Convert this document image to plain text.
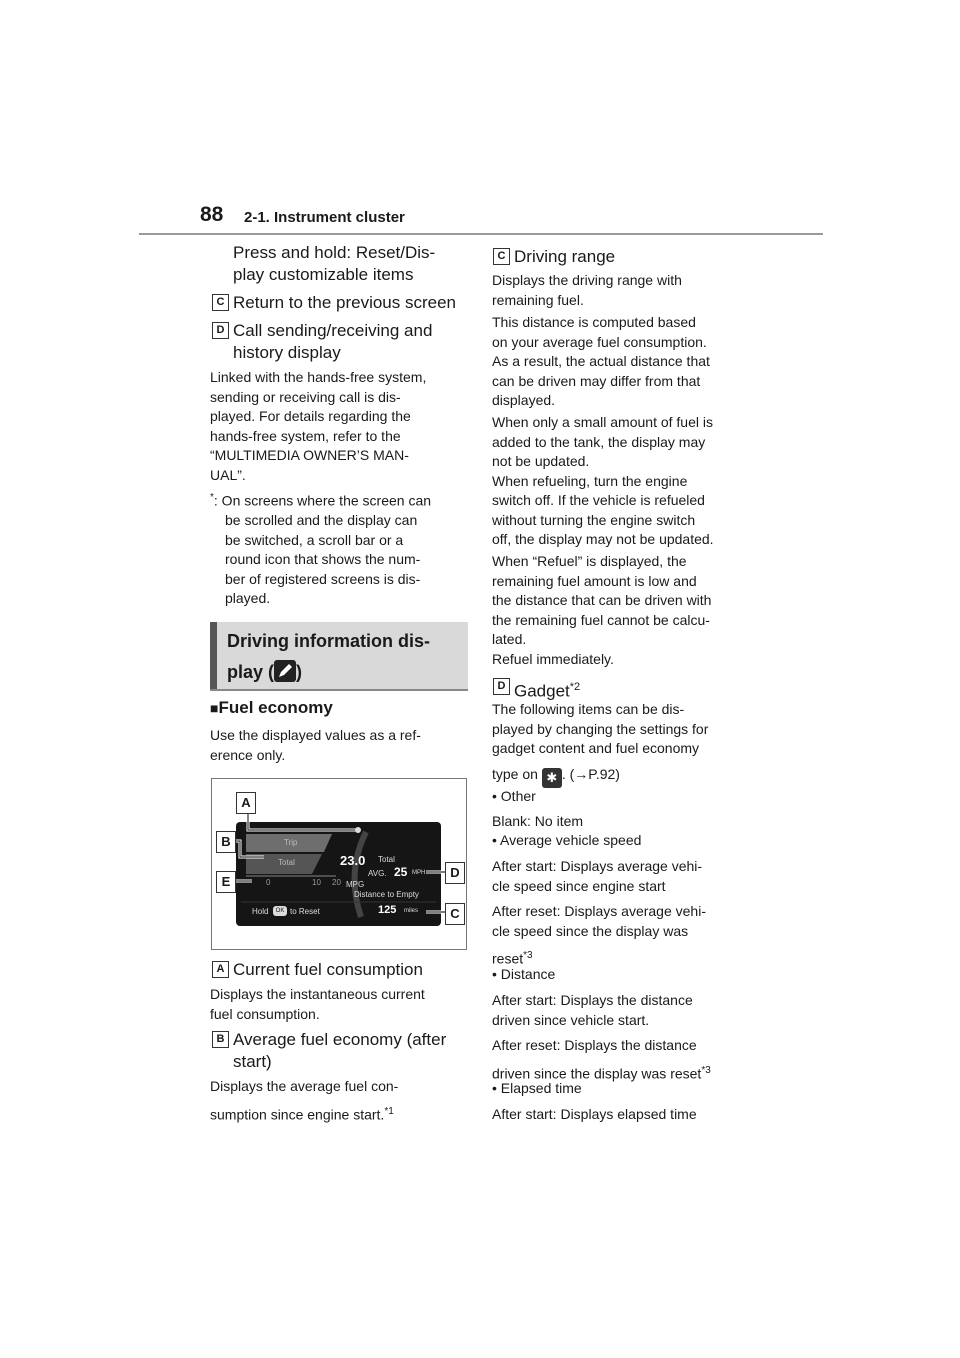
88 2-1. Instrument cluster
Press and hold: Reset/Dis-
play customizable items
C Return to the previous screen
D Call sending/receiving and
history display
Linked with the hands-free system,
sending or receiving call is dis-
played. For details regarding the
hands-free system, refer to the
“MULTIMEDIA OWNER’S MAN-
UAL”.
*: On screens where the screen can
be scrolled and the display can
be switched, a scroll bar or a
round icon that shows the num-
ber of registered screens is dis-
played.
Driving information dis-
play ( )
■Fuel economy
Use the displayed values as a ref-
erence only.
Trip
Total
0	10 20
23.0
MPG
Total
AVG. 25 MPH
Distance to Empty
Hold	OK to Reset	125 miles
A
B
E
D
C
A Current fuel consumption
Displays the instantaneous current
fuel consumption.
B Average fuel economy (after
start)
Displays the average fuel con-
sumption since engine start.$^{*1}$
C Driving range
Displays the driving range with
remaining fuel.
This distance is computed based
on your average fuel consumption.
As a result, the actual distance that
can be driven may differ from that
displayed.
When only a small amount of fuel is
added to the tank, the display may
not be updated.
When refueling, turn the engine
switch off. If the vehicle is refueled
without turning the engine switch
off, the display may not be updated.
When “Refuel” is displayed, the
remaining fuel amount is low and
the distance that can be driven with
the remaining fuel cannot be calcu-
lated.
Refuel immediately.
D Gadget$^{*2}$
The following items can be dis-
played by changing the settings for
gadget content and fuel economy
type on ✱ . (→P.92)
• Other
Blank: No item
• Average vehicle speed
After start: Displays average vehi-
cle speed since engine start
After reset: Displays average vehi-
cle speed since the display was
reset$^{*3}$
• Distance
After start: Displays the distance
driven since vehicle start.
After reset: Displays the distance
driven since the display was reset$^{*3}$
• Elapsed time
After start: Displays elapsed time
